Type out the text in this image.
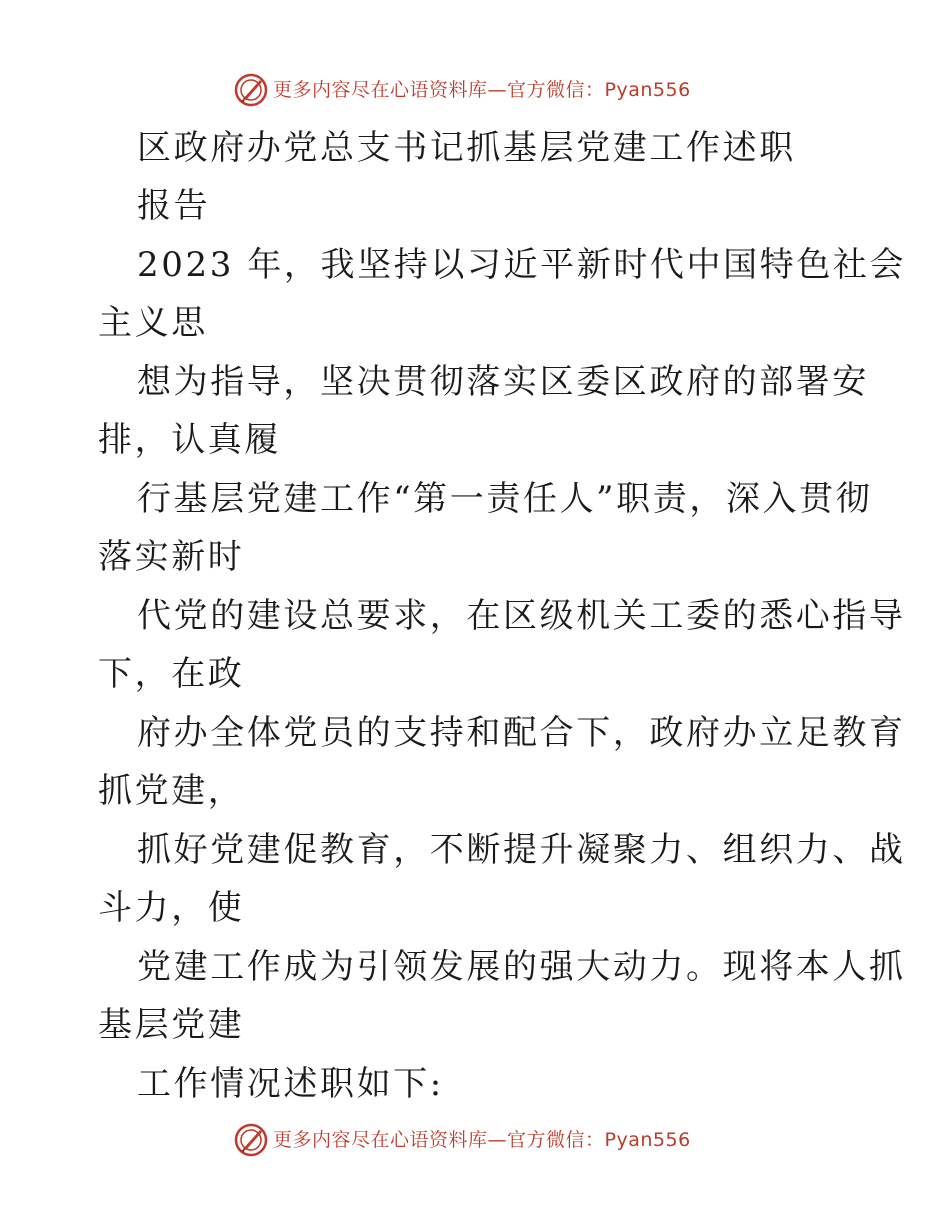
更多内容尽在心语资料库—官方微信：Pyan556
区政府办党总支书记抓基层党建工作述职
报告
2023 年，我坚持以习近平新时代中国特色社会
主义思
想为指导，坚决贯彻落实区委区政府的部署安
排，认真履
行基层党建工作“第一责任人”职责，深入贯彻
落实新时
代党的建设总要求，在区级机关工委的悉心指导
下，在政
府办全体党员的支持和配合下，政府办立足教育
抓党建，
抓好党建促教育，不断提升凝聚力、组织力、战
斗力，使
党建工作成为引领发展的强大动力。现将本人抓
基层党建
工作情况述职如下:
更多内容尽在心语资料库—官方微信：Pyan556
